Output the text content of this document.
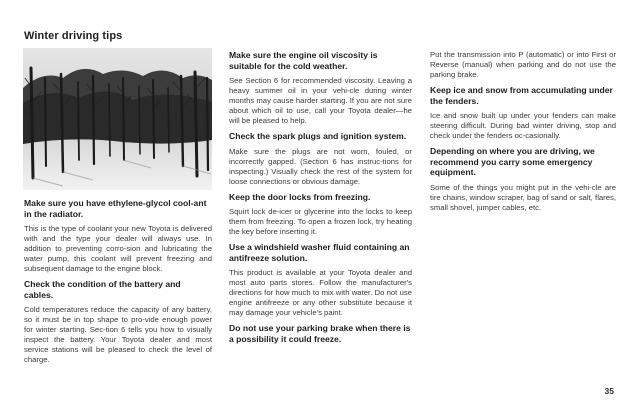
Winter driving tips
Make sure you have ethylene-glycol cool-ant in the radiator.

This is the type of coolant your new Toyota is delivered with and the type your dealer will always use. In addition to preventing corro-sion and lubricating the water pump, this coolant will prevent freezing and subsequent damage to the engine block.

Check the condition of the battery and cables.

Cold temperatures reduce the capacity of any battery, so it must be in top shape to pro-vide enough power for winter starting. Sec-tion 6 tells you how to visually inspect the battery. Your Toyota dealer and most service stations will be pleased to check the level of charge.

Make sure the engine oil viscosity is suitable for the cold weather.

See Section 6 for recommended viscosity. Leaving a heavy summer oil in your vehi-cle during winter months may cause harder starting. If you are not sure about which oil to use, call your Toyota dealer—he will be pleased to help.

Check the spark plugs and ignition system.

Make sure the plugs are not worn, fouled, or incorrectly gapped. (Section 6 has instruc-tions for inspecting.) Visually check the rest of the system for loose connections or obvious damage.

Keep the door locks from freezing.

Squirt lock de-icer or glycerine into the locks to keep them from freezing. To open a frozen lock, try heating the key before inserting it.

Use a windshield washer fluid containing an antifreeze solution.

This product is available at your Toyota dealer and most auto parts stores. Follow the manufacturer's directions for how much to mix with water. Do not use engine antifreeze or any other substitute because it may damage your vehicle's paint.

Do not use your parking brake when there is a possibility it could freeze.

Put the transmission into P (automatic) or into First or Reverse (manual) when parking and do not use the parking brake.

Keep ice and snow from accumulating under the fenders.

Ice and snow built up under your fenders can make steering difficult. During bad winter driving, stop and check under the fenders oc-casionally.

Depending on where you are driving, we recommend you carry some emergency equipment.

Some of the things you might put in the vehi-cle are tire chains, window scraper, bag of sand or salt, flares, small shovel, jumper cables, etc.

35
